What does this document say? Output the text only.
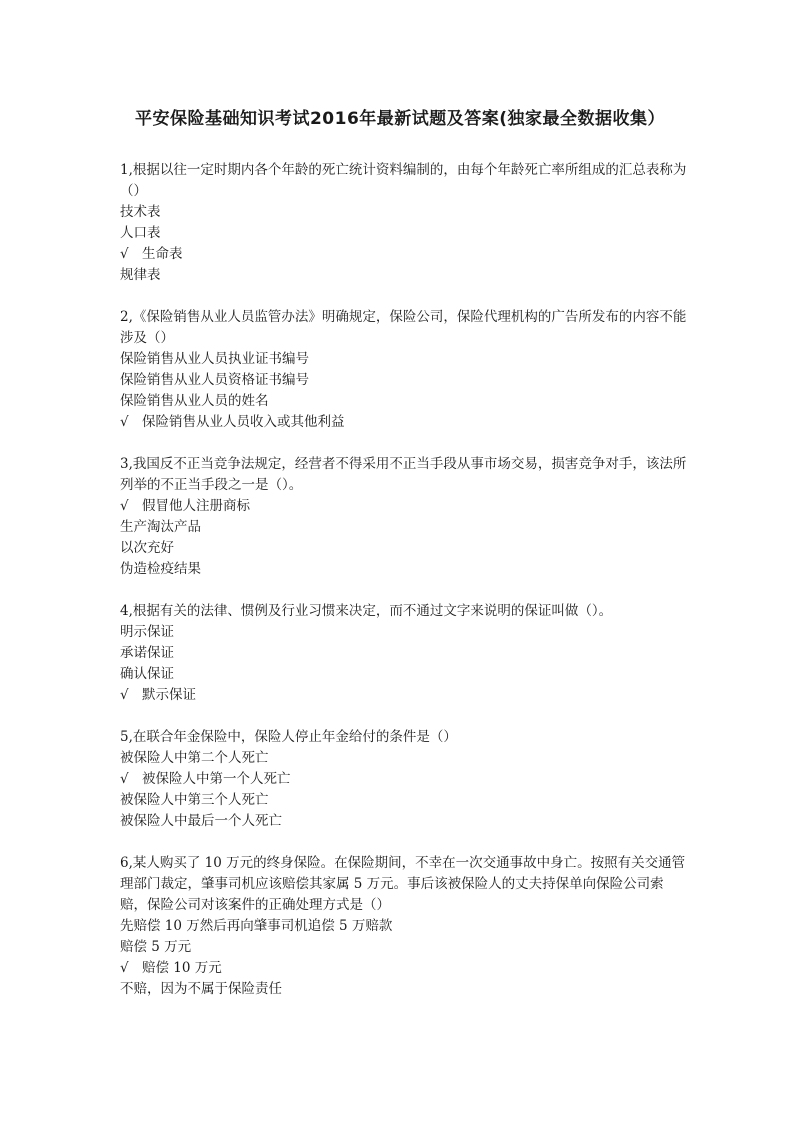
平安保险基础知识考试2016年最新试题及答案(独家最全数据收集）

1,根据以往一定时期内各个年龄的死亡统计资料编制的，由每个年龄死亡率所组成的汇总表称为（）

技术表
人口表
√ 生命表
规律表

2,《保险销售从业人员监管办法》明确规定，保险公司，保险代理机构的广告所发布的内容不能涉及（）

保险销售从业人员执业证书编号
保险销售从业人员资格证书编号
保险销售从业人员的姓名
√ 保险销售从业人员收入或其他利益

3,我国反不正当竞争法规定，经营者不得采用不正当手段从事市场交易，损害竞争对手，该法所列举的不正当手段之一是（）。

√ 假冒他人注册商标
生产淘汰产品
以次充好
伪造检疫结果

4,根据有关的法律、惯例及行业习惯来决定，而不通过文字来说明的保证叫做（）。

明示保证
承诺保证
确认保证
√ 默示保证

5,在联合年金保险中，保险人停止年金给付的条件是（）

被保险人中第二个人死亡
√ 被保险人中第一个人死亡
被保险人中第三个人死亡
被保险人中最后一个人死亡

6,某人购买了 10 万元的终身保险。在保险期间，不幸在一次交通事故中身亡。按照有关交通管理部门裁定，肇事司机应该赔偿其家属 5 万元。事后该被保险人的丈夫持保单向保险公司索赔，保险公司对该案件的正确处理方式是（）

先赔偿 10 万然后再向肇事司机追偿 5 万赔款
赔偿 5 万元
√ 赔偿 10 万元
不赔，因为不属于保险责任
